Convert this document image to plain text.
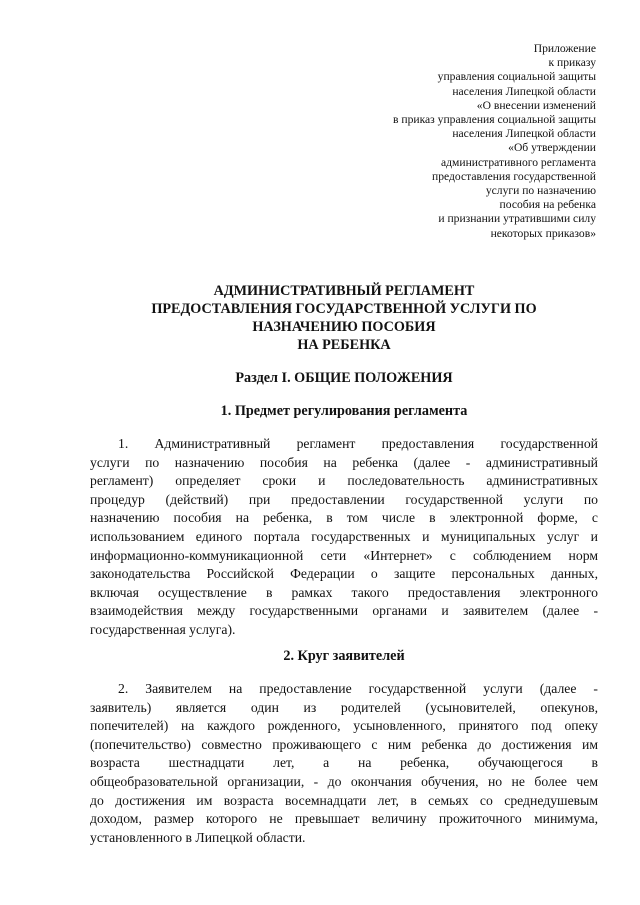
Приложение
к приказу
управления социальной защиты
населения Липецкой области
«О внесении изменений
в приказ управления социальной защиты
населения Липецкой области
«Об утверждении
административного регламента
предоставления государственной
услуги по назначению
пособия на ребенка
и признании утратившими силу
некоторых приказов»
АДМИНИСТРАТИВНЫЙ РЕГЛАМЕНТ
ПРЕДОСТАВЛЕНИЯ ГОСУДАРСТВЕННОЙ УСЛУГИ ПО
НАЗНАЧЕНИЮ ПОСОБИЯ
НА РЕБЕНКА
Раздел I. ОБЩИЕ ПОЛОЖЕНИЯ
1. Предмет регулирования регламента
1. Административный регламент предоставления государственной
услуги по назначению пособия на ребенка (далее - административный
регламент) определяет сроки и последовательность административных
процедур (действий) при предоставлении государственной услуги по
назначению пособия на ребенка, в том числе в электронной форме, с
использованием единого портала государственных и муниципальных услуг и
информационно-коммуникационной сети «Интернет» с соблюдением норм
законодательства Российской Федерации о защите персональных данных,
включая осуществление в рамках такого предоставления электронного
взаимодействия между государственными органами и заявителем (далее -
государственная услуга).
2. Круг заявителей
2. Заявителем на предоставление государственной услуги (далее -
заявитель) является один из родителей (усыновителей, опекунов,
попечителей) на каждого рожденного, усыновленного, принятого под опеку
(попечительство) совместно проживающего с ним ребенка до достижения им
возраста шестнадцати лет, а на ребенка, обучающегося в
общеобразовательной организации, - до окончания обучения, но не более чем
до достижения им возраста восемнадцати лет, в семьях со среднедушевым
доходом, размер которого не превышает величину прожиточного минимума,
установленного в Липецкой области.
